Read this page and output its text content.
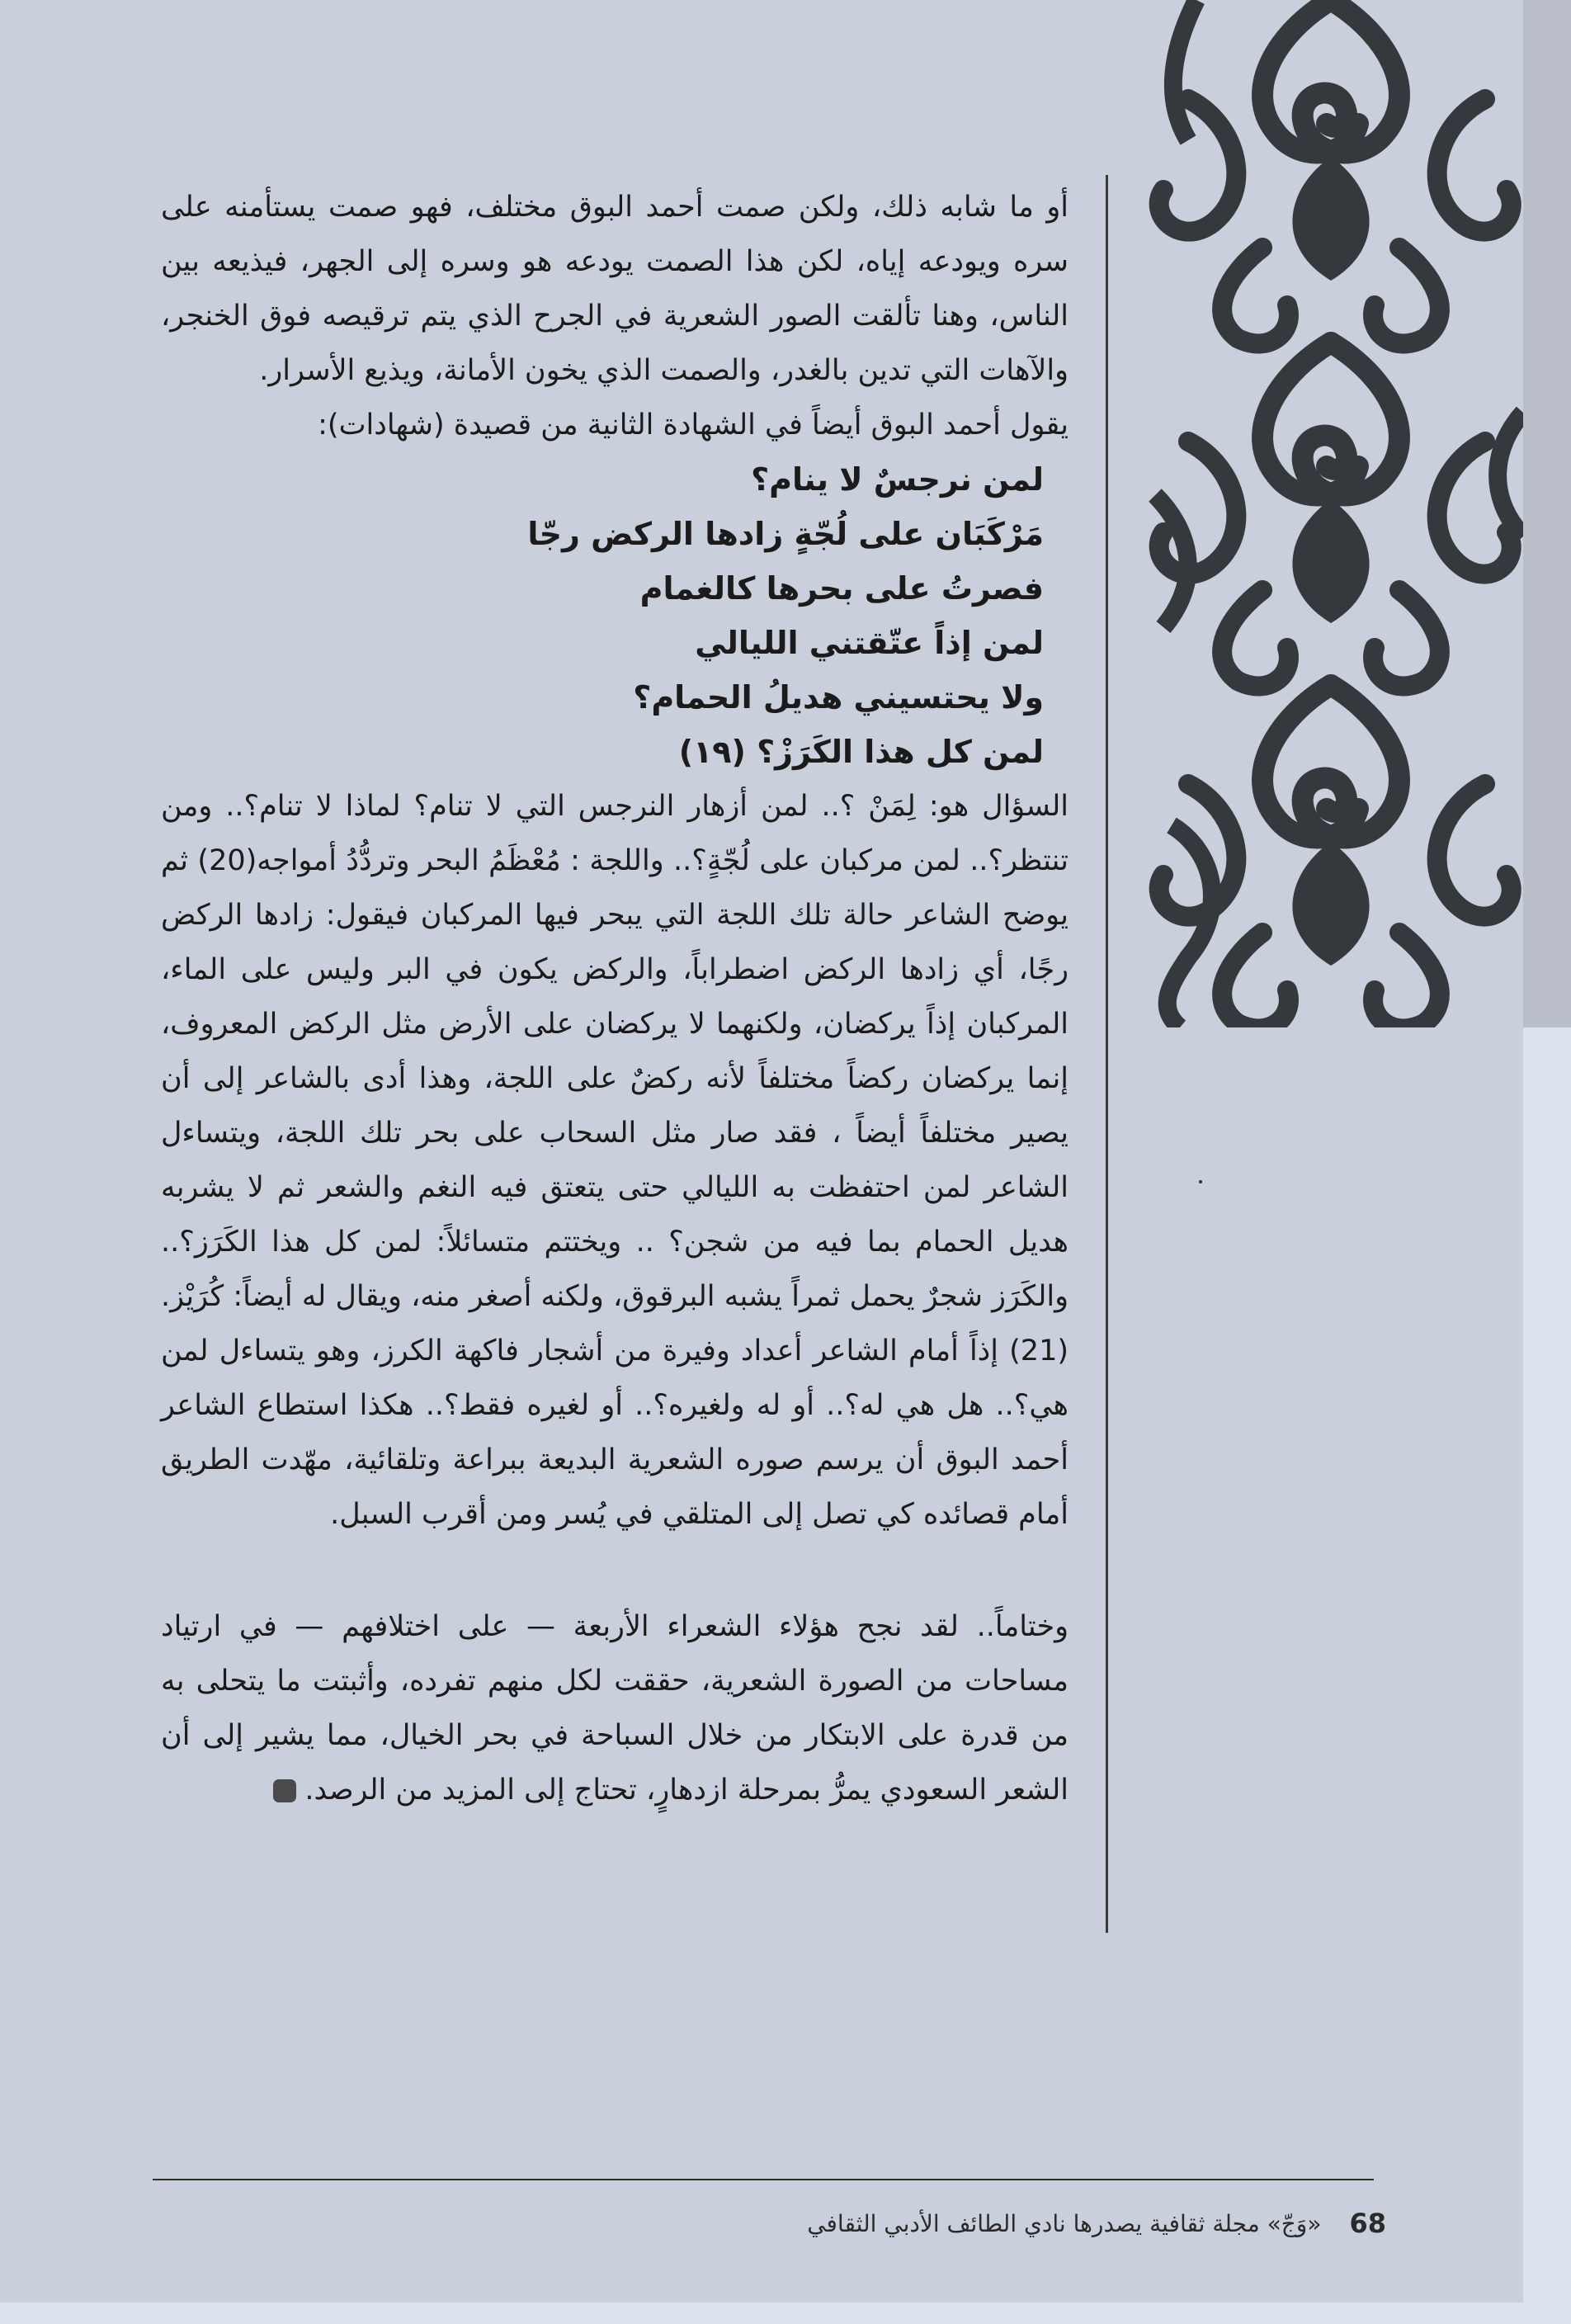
أو ما شابه ذلك، ولكن صمت أحمد البوق مختلف، فهو صمت يستأمنه على سره ويودعه إياه، لكن هذا الصمت يودعه هو وسره إلى الجهر، فيذيعه بين الناس، وهنا تألقت الصور الشعرية في الجرح الذي يتم ترقيصه فوق الخنجر، والآهات التي تدين بالغدر، والصمت الذي يخون الأمانة، ويذيع الأسرار.

يقول أحمد البوق أيضاً في الشهادة الثانية من قصيدة (شهادات):

لمن نرجسٌ لا ينام؟
مَرْكَبَان على لُجّةٍ زادها الركض رجّا
فصرتُ على بحرها كالغمام
لمن إذاً عتّقتني الليالي
ولا يحتسيني هديلُ الحمام؟
لمن كل هذا الكَرَزْ؟ (١٩)

السؤال هو: لِمَنْ ؟.. لمن أزهار النرجس التي لا تنام؟ لماذا لا تنام؟.. ومن تنتظر؟.. لمن مركبان على لُجّةٍ؟.. واللجة : مُعْظَمُ البحر وتردُّدُ أمواجه(20) ثم يوضح الشاعر حالة تلك اللجة التي يبحر فيها المركبان فيقول: زادها الركض رجًا، أي زادها الركض اضطراباً، والركض يكون في البر وليس على الماء، المركبان إذاً يركضان، ولكنهما لا يركضان على الأرض مثل الركض المعروف، إنما يركضان ركضاً مختلفاً لأنه ركضٌ على اللجة، وهذا أدى بالشاعر إلى أن يصير مختلفاً أيضاً ، فقد صار مثل السحاب على بحر تلك اللجة، ويتساءل الشاعر لمن احتفظت به الليالي حتى يتعتق فيه النغم والشعر ثم لا يشربه هديل الحمام بما فيه من شجن؟ .. ويختتم متسائلاً: لمن كل هذا الكَرَز؟.. والكَرَز شجرٌ يحمل ثمراً يشبه البرقوق، ولكنه أصغر منه، ويقال له أيضاً: كُرَيْز. (21) إذاً أمام الشاعر أعداد وفيرة من أشجار فاكهة الكرز، وهو يتساءل لمن هي؟.. هل هي له؟.. أو له ولغيره؟.. أو لغيره فقط؟.. هكذا استطاع الشاعر أحمد البوق أن يرسم صوره الشعرية البديعة ببراعة وتلقائية، مهّدت الطريق أمام قصائده كي تصل إلى المتلقي في يُسر ومن أقرب السبل.

وختاماً.. لقد نجح هؤلاء الشعراء الأربعة — على اختلافهم — في ارتياد مساحات من الصورة الشعرية، حققت لكل منهم تفرده، وأثبتت ما يتحلى به من قدرة على الابتكار من خلال السباحة في بحر الخيال، مما يشير إلى أن الشعر السعودي يمرُّ بمرحلة ازدهارٍ، تحتاج إلى المزيد من الرصد.

«وَجّ» مجلة ثقافية يصدرها نادي الطائف الأدبي الثقافي 68
